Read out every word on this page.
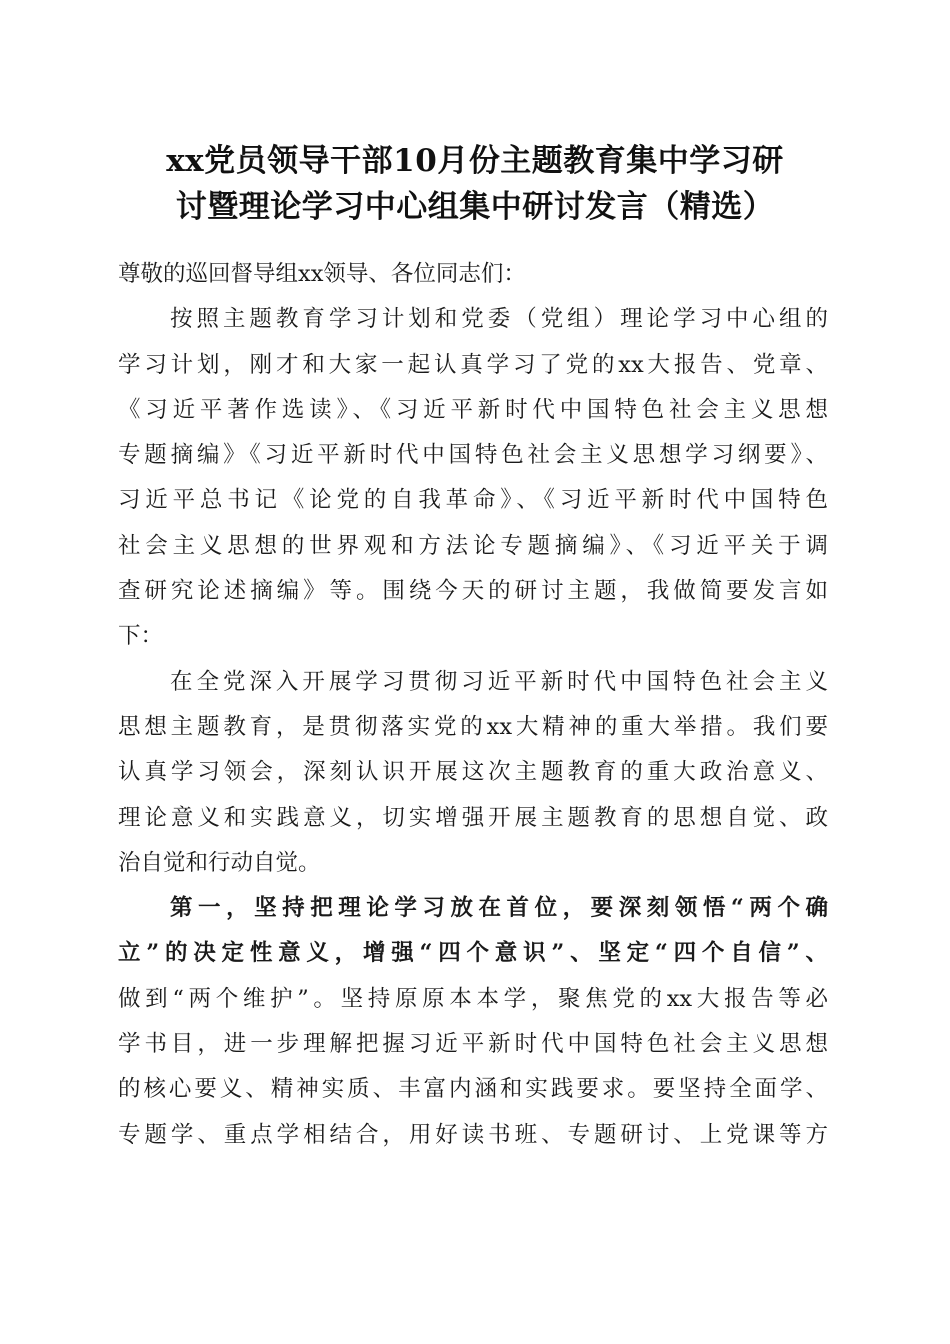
xx党员领导干部10月份主题教育集中学习研
讨暨理论学习中心组集中研讨发言（精选）
尊敬的巡回督导组xx领导、各位同志们：
按照主题教育学习计划和党委（党组）理论学习中心组的
学习计划，刚才和大家一起认真学习了党的xx大报告、党章、
《习近平著作选读》、《习近平新时代中国特色社会主义思想
专题摘编》《习近平新时代中国特色社会主义思想学习纲要》、
习近平总书记《论党的自我革命》、《习近平新时代中国特色
社会主义思想的世界观和方法论专题摘编》、《习近平关于调
查研究论述摘编》等。围绕今天的研讨主题，我做简要发言如
下：
在全党深入开展学习贯彻习近平新时代中国特色社会主义
思想主题教育，是贯彻落实党的xx大精神的重大举措。我们要
认真学习领会，深刻认识开展这次主题教育的重大政治意义、
理论意义和实践意义，切实增强开展主题教育的思想自觉、政
治自觉和行动自觉。
第一，坚持把理论学习放在首位，要深刻领悟“两个确
立”的决定性意义，增强“四个意识”、坚定“四个自信”、
做到“两个维护”。坚持原原本本学，聚焦党的xx大报告等必
学书目，进一步理解把握习近平新时代中国特色社会主义思想
的核心要义、精神实质、丰富内涵和实践要求。要坚持全面学、
专题学、重点学相结合，用好读书班、专题研讨、上党课等方
